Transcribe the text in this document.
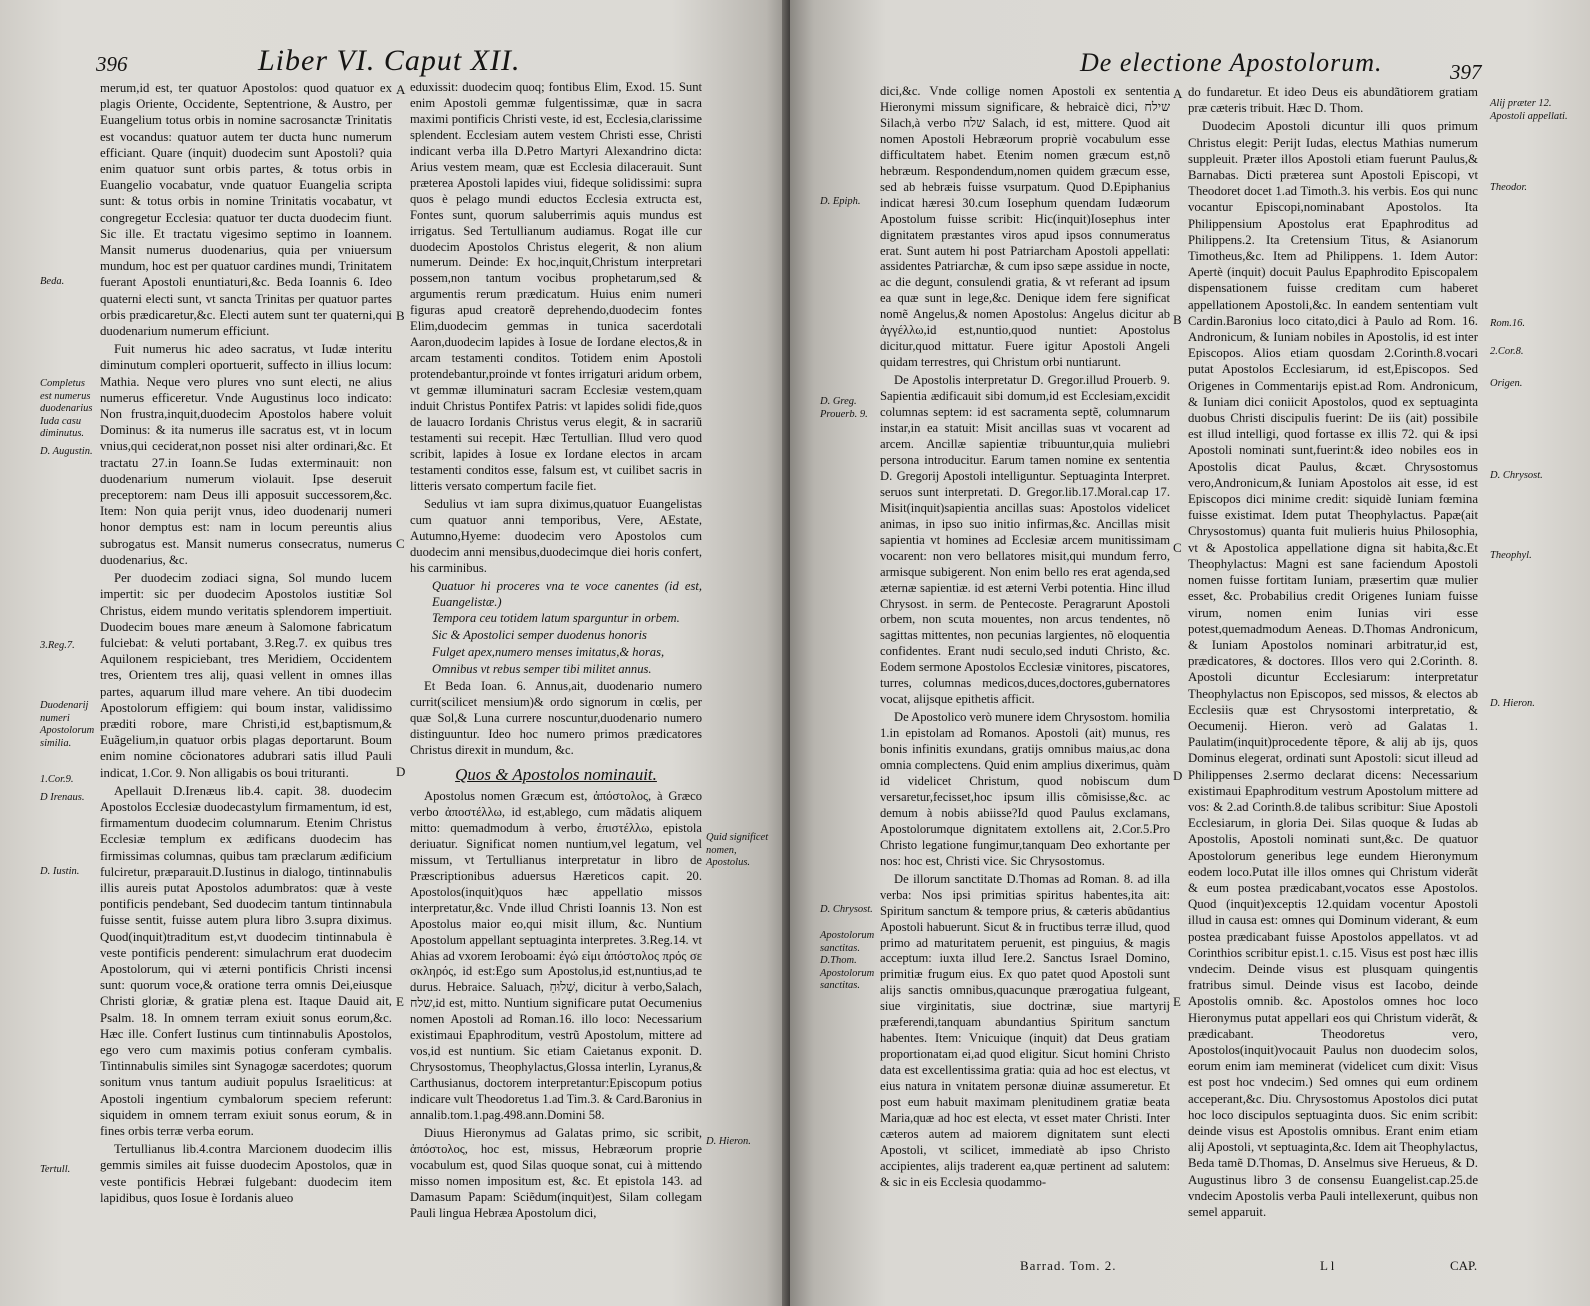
396	Liber VI. Caput XII.

merum,id est, ter quatuor Apostolos: quod quatuor ex plagis Oriente, Occidente, Septentrione, & Austro, per Euangelium totus orbis in nomine sacrosanctæ Trinitatis est vocandus: quatuor autem ter ducta hunc numerum efficiant. Quare (inquit) duodecim sunt Apostoli? quia enim quatuor sunt orbis partes, & totus orbis in Euangelio vocabatur, vnde quatuor Euangelia scripta sunt: & totus orbis in nomine Trinitatis vocabatur, vt congregetur Ecclesia: quatuor ter ducta duodecim fiunt. Sic ille. Et tractatu vigesimo septimo in Ioannem. Mansit numerus duodenarius, quia per vniuersum mundum, hoc est per quatuor cardines mundi, Trinitatem fuerant Apostoli enuntiaturi,&c. Beda Ioannis 6. Ideo quaterni electi sunt, vt sancta Trinitas per quatuor partes orbis prædicaretur,&c. Electi autem sunt ter quaterni,qui duodenarium numerum efficiunt.

Fuit numerus hic adeo sacratus, vt Iudæ interitu diminutum compleri oportuerit, suffecto in illius locum: Mathia. Neque vero plures vno sunt electi, ne alius numerus efficeretur. Vnde Augustinus loco indicato: Non frustra,inquit,duodecim Apostolos habere voluit Dominus: & ita numerus ille sacratus est, vt in locum vnius,qui ceciderat,non posset nisi alter ordinari,&c. Et tractatu 27.in Ioann.Se Iudas exterminauit: non duodenarium numerum violauit. Ipse deseruit preceptorem: nam Deus illi apposuit successorem,&c. Item: Non quia perijt vnus, ideo duodenarij numeri honor demptus est: nam in locum pereuntis alius subrogatus est. Mansit numerus consecratus, numerus duodenarius, &c.

Per duodecim zodiaci signa, Sol mundo lucem impertit: sic per duodecim Apostolos iustitiæ Sol Christus, eidem mundo veritatis splendorem impertiuit. Duodecim boues mare æneum à Salomone fabricatum fulciebat: & veluti portabant, 3.Reg.7. ex quibus tres Aquilonem respiciebant, tres Meridiem, Occidentem tres, Orientem tres alij, quasi vellent in omnes illas partes, aquarum illud mare vehere. An tibi duodecim Apostolorum effigiem: qui boum instar, validissimo præditi robore, mare Christi,id est,baptismum,& Euãgelium,in quatuor orbis plagas deportarunt. Boum enim nomine cõcionatores adubrari satis illud Pauli indicat, 1.Cor. 9. Non alligabis os boui trituranti.

Apellauit D.Irenæus lib.4. capit. 38. duodecim Apostolos Ecclesiæ duodecastylum firmamentum, id est, firmamentum duodecim columnarum. Etenim Christus Ecclesiæ templum ex ædificans duodecim has firmissimas columnas, quibus tam præclarum ædificium fulciretur, præparauit.D.Iustinus in dialogo, tintinnabulis illis aureis putat Apostolos adumbratos: quæ à veste pontificis pendebant, Sed duodecim tantum tintinnabula fuisse sentit, fuisse autem plura libro 3.supra diximus. Quod(inquit)traditum est,vt duodecim tintinnabula è veste pontificis penderent: simulachrum erat duodecim Apostolorum, qui vi æterni pontificis Christi incensi sunt: quorum voce,& oratione terra omnis Dei,eiusque Christi gloriæ, & gratiæ plena est. Itaque Dauid ait, Psalm. 18. In omnem terram exiuit sonus eorum,&c. Hæc ille. Confert Iustinus cum tintinnabulis Apostolos, ego vero cum maximis potius conferam cymbalis. Tintinnabulis similes sint Synagogæ sacerdotes; quorum sonitum vnus tantum audiuit populus Israeliticus: at Apostoli ingentium cymbalorum speciem referunt: siquidem in omnem terram exiuit sonus eorum, & in fines orbis terræ verba eorum.

Tertullianus lib.4.contra Marcionem duodecim illis gemmis similes ait fuisse duodecim Apostolos, quæ in veste pontificis Hebræi fulgebant: duodecim item lapidibus, quos Iosue è Iordanis alueo

eduxissit: duodecim quoq; fontibus Elim, Exod. 15. Sunt enim Apostoli gemmæ fulgentissimæ, quæ in sacra maximi pontificis Christi veste, id est, Ecclesia,clarissime splendent. Ecclesiam autem vestem Christi esse, Christi indicant verba illa D.Petro Martyri Alexandrino dicta: Arius vestem meam, quæ est Ecclesia dilacerauit. Sunt præterea Apostoli lapides viui, fideque solidissimi: supra quos è pelago mundi eductos Ecclesia extructa est, Fontes sunt, quorum saluberrimis aquis mundus est irrigatus. Sed Tertullianum audiamus. Rogat ille cur duodecim Apostolos Christus elegerit, & non alium numerum. Deinde: Ex hoc,inquit,Christum interpretari possem,non tantum vocibus prophetarum,sed & argumentis rerum prædicatum. Huius enim numeri figuras apud creatorẽ deprehendo,duodecim fontes Elim,duodecim gemmas in tunica sacerdotali Aaron,duodecim lapides à Iosue de Iordane electos,& in arcam testamenti conditos. Totidem enim Apostoli protendebantur,proinde vt fontes irrigaturi aridum orbem, vt gemmæ illuminaturi sacram Ecclesiæ vestem,quam induit Christus Pontifex Patris: vt lapides solidi fide,quos de lauacro Iordanis Christus verus elegit, & in sacrariũ testamenti sui recepit. Hæc Tertullian. Illud vero quod scribit, lapides à Iosue ex Iordane electos in arcam testamenti conditos esse, falsum est, vt cuilibet sacris in litteris versato compertum facile fiet.

Sedulius vt iam supra diximus,quatuor Euangelistas cum quatuor anni temporibus, Vere, AEstate, Autumno,Hyeme: duodecim vero Apostolos cum duodecim anni mensibus,duodecimque diei horis confert, his carminibus.

Quatuor hi proceres vna te voce canentes (id est, Euangelistæ.)

Tempora ceu totidem latum sparguntur in orbem.

Sic & Apostolici semper duodenus honoris

Fulget apex,numero menses imitatus,& horas,

Omnibus vt rebus semper tibi militet annus.

Et Beda Ioan. 6. Annus,ait, duodenario numero currit(scilicet mensium)& ordo signorum in cœlis, per quæ Sol,& Luna currere noscuntur,duodenario numero distinguuntur. Ideo hoc numero primos prædicatores Christus direxit in mundum, &c.

Quos & Apostolos nominauit.

Apostolus nomen Græcum est, ἀπόστολος, à Græco verbo ἀποστέλλω, id est,ablego, cum mãdatis aliquem mitto: quemadmodum à verbo, ἐπιστέλλω, epistola deriuatur. Significat nomen nuntium,vel legatum, vel missum, vt Tertullianus interpretatur in libro de Præscriptionibus aduersus Hæreticos capit. 20. Apostolos(inquit)quos hæc appellatio missos interpretatur,&c. Vnde illud Christi Ioannis 13. Non est Apostolus maior eo,qui misit illum, &c. Nuntium Apostolum appellant septuaginta interpretes. 3.Reg.14. vt Ahias ad vxorem Ieroboami: ἐγώ εἰμι ἀπόστολος πρός σε σκληρός, id est:Ego sum Apostolus,id est,nuntius,ad te durus. Hebraice. Saluach, שָׁלוּחַ, dicitur à verbo,Salach, שלח,id est, mitto. Nuntium significare putat Oecumenius nomen Apostoli ad Roman.16. illo loco: Necessarium existimaui Epaphroditum, vestrũ Apostolum, mittere ad vos,id est nuntium. Sic etiam Caietanus exponit. D. Chrysostomus, Theophylactus,Glossa interlin, Lyranus,& Carthusianus, doctorem interpretantur:Episcopum potius indicare vult Theodoretus 1.ad Tim.3. & Card.Baronius in annalib.tom.1.pag.498.ann.Domini 58.

Diuus Hieronymus ad Galatas primo, sic scribit, ἀπόστολος, hoc est, missus, Hebræorum proprie vocabulum est, quod Silas quoque sonat, cui à mittendo misso nomen impositum est, &c. Et epistola 143. ad Damasum Papam: Sciẽdum(inquit)est, Silam collegam Pauli lingua Hebræa Apostolum dici,

Beda.
Completus est numerus duodenarius Iuda casu diminutus.
D. Augustin.
3.Reg.7.
Duodenarij numeri Apostolorum similia.
1.Cor.9.
D Irenaus.
D. Iustin.
Tertull.
Quid significet nomen, Apostolus.
D. Hieron.
A
B
C
D
E
De electione Apostolorum.	397

dici,&c. Vnde collige nomen Apostoli ex sententia Hieronymi missum significare, & hebraicè dici, שילח Silach,à verbo שלח Salach, id est, mittere. Quod ait nomen Apostoli Hebræorum propriè vocabulum esse difficultatem habet. Etenim nomen græcum est,nõ hebræum. Respondendum,nomen quidem græcum esse, sed ab hebræis fuisse vsurpatum. Quod D.Epiphanius indicat hæresi 30.cum Iosephum quendam Iudæorum Apostolum fuisse scribit: Hic(inquit)Iosephus inter dignitatem præstantes viros apud ipsos connumeratus erat. Sunt autem hi post Patriarcham Apostoli appellati: assidentes Patriarchæ, & cum ipso sæpe assidue in nocte, ac die degunt, consulendi gratia, & vt referant ad ipsum ea quæ sunt in lege,&c. Denique idem fere significat nomẽ Angelus,& nomen Apostolus: Angelus dicitur ab ἀγγέλλω,id est,nuntio,quod nuntiet: Apostolus dicitur,quod mittatur. Fuere igitur Apostoli Angeli quidam terrestres, qui Christum orbi nuntiarunt.

De Apostolis interpretatur D. Gregor.illud Prouerb. 9. Sapientia ædificauit sibi domum,id est Ecclesiam,excidit columnas septem: id est sacramenta septẽ, columnarum instar,in ea statuit: Misit ancillas suas vt vocarent ad arcem. Ancillæ sapientiæ tribuuntur,quia muliebri persona introducitur. Earum tamen nomine ex sententia D. Gregorij Apostoli intelliguntur. Septuaginta Interpret. seruos sunt interpretati. D. Gregor.lib.17.Moral.cap 17. Misit(inquit)sapientia ancillas suas: Apostolos videlicet animas, in ipso suo initio infirmas,&c. Ancillas misit sapientia vt homines ad Ecclesiæ arcem munitissimam vocarent: non vero bellatores misit,qui mundum ferro, armisque subigerent. Non enim bello res erat agenda,sed æternæ sapientiæ. id est æterni Verbi potentia. Hinc illud Chrysost. in serm. de Pentecoste. Peragrarunt Apostoli orbem, non scuta mouentes, non arcus tendentes, nõ sagittas mittentes, non pecunias largientes, nõ eloquentia confidentes. Erant nudi seculo,sed induti Christo, &c. Eodem sermone Apostolos Ecclesiæ vinitores, piscatores, turres, columnas medicos,duces,doctores,gubernatores vocat, alijsque epithetis afficit.

De Apostolico verò munere idem Chrysostom. homilia 1.in epistolam ad Romanos. Apostoli (ait) munus, res bonis infinitis exundans, gratijs omnibus maius,ac dona omnia complectens. Quid enim amplius dixerimus, quàm id videlicet Christum, quod nobiscum dum versaretur,fecisset,hoc ipsum illis cõmisisse,&c. ac demum à nobis abiisse?Id quod Paulus exclamans, Apostolorumque dignitatem extollens ait, 2.Cor.5.Pro Christo legatione fungimur,tanquam Deo exhortante per nos: hoc est, Christi vice. Sic Chrysostomus.

De illorum sanctitate D.Thomas ad Roman. 8. ad illa verba: Nos ipsi primitias spiritus habentes,ita ait: Spiritum sanctum & tempore prius, & cæteris abũdantius Apostoli habuerunt. Sicut & in fructibus terræ illud, quod primo ad maturitatem peruenit, est pinguius, & magis acceptum: iuxta illud Iere.2. Sanctus Israel Domino, primitiæ frugum eius. Ex quo patet quod Apostoli sunt alijs sanctis omnibus,quacunque prærogatiua fulgeant, siue virginitatis, siue doctrinæ, siue martyrij præferendi,tanquam abundantius Spiritum sanctum habentes. Item: Vnicuique (inquit) dat Deus gratiam proportionatam ei,ad quod eligitur. Sicut homini Christo data est excellentissima gratia: quia ad hoc est electus, vt eius natura in vnitatem personæ diuinæ assumeretur. Et post eum habuit maximam plenitudinem gratiæ beata Maria,quæ ad hoc est electa, vt esset mater Christi. Inter cæteros autem ad maiorem dignitatem sunt electi Apostoli, vt scilicet, immediatè ab ipso Christo accipientes, alijs traderent ea,quæ pertinent ad salutem: & sic in eis Ecclesia quodammo-

do fundaretur. Et ideo Deus eis abundãtiorem gratiam præ cæteris tribuit. Hæc D. Thom.

Duodecim Apostoli dicuntur illi quos primum Christus elegit: Perijt Iudas, electus Mathias numerum suppleuit. Præter illos Apostoli etiam fuerunt Paulus,& Barnabas. Dicti præterea sunt Apostoli Episcopi, vt Theodoret docet 1.ad Timoth.3. his verbis. Eos qui nunc vocantur Episcopi,nominabant Apostolos. Ita Philippensium Apostolus erat Epaphroditus ad Philippens.2. Ita Cretensium Titus, & Asianorum Timotheus,&c. Item ad Philippens. 1. Idem Autor: Apertè (inquit) docuit Paulus Epaphrodito Episcopalem dispensationem fuisse creditam cum haberet appellationem Apostoli,&c. In eandem sententiam vult Cardin.Baronius loco citato,dici à Paulo ad Rom. 16. Andronicum, & Iuniam nobiles in Apostolis, id est inter Episcopos. Alios etiam quosdam 2.Corinth.8.vocari putat Apostolos Ecclesiarum, id est,Episcopos. Sed Origenes in Commentarijs epist.ad Rom. Andronicum, & Iuniam dici coniicit Apostolos, quod ex septuaginta duobus Christi discipulis fuerint: De iis (ait) possibile est illud intelligi, quod fortasse ex illis 72. qui & ipsi Apostoli nominati sunt,fuerint:& ideo nobiles eos in Apostolis dicat Paulus, &cæt. Chrysostomus vero,Andronicum,& Iuniam Apostolos ait esse, id est Episcopos dici minime credit: siquidè Iuniam fœmina fuisse existimat. Idem putat Theophylactus. Papæ(ait Chrysostomus) quanta fuit mulieris huius Philosophia, vt & Apostolica appellatione digna sit habita,&c.Et Theophylactus: Magni est sane faciendum Apostoli nomen fuisse fortitam Iuniam, præsertim quæ mulier esset, &c. Probabilius credit Origenes Iuniam fuisse virum, nomen enim Iunias viri esse potest,quemadmodum Aeneas. D.Thomas Andronicum, & Iuniam Apostolos nominari arbitratur,id est, prædicatores, & doctores. Illos vero qui 2.Corinth. 8. Apostoli dicuntur Ecclesiarum: interpretatur Theophylactus non Episcopos, sed missos, & electos ab Ecclesiis quæ est Chrysostomi interpretatio, & Oecumenij. Hieron. verò ad Galatas 1. Paulatim(inquit)procedente tẽpore, & alij ab ijs, quos Dominus elegerat, ordinati sunt Apostoli: sicut illeud ad Philippenses 2.sermo declarat dicens: Necessarium existimaui Epaphroditum vestrum Apostolum mittere ad vos: & 2.ad Corinth.8.de talibus scribitur: Siue Apostoli Ecclesiarum, in gloria Dei. Silas quoque & Iudas ab Apostolis, Apostoli nominati sunt,&c. De quatuor Apostolorum generibus lege eundem Hieronymum eodem loco.Putat ille illos omnes qui Christum viderãt & eum postea prædicabant,vocatos esse Apostolos. Quod (inquit)exceptis 12.quidam vocentur Apostoli illud in causa est: omnes qui Dominum viderant, & eum postea prædicabant fuisse Apostolos appellatos. vt ad Corinthios scribitur epist.1. c.15. Visus est post hæc illis vndecim. Deinde visus est plusquam quingentis fratribus simul. Deinde visus est Iacobo, deinde Apostolis omnib. &c. Apostolos omnes hoc loco Hieronymus putat appellari eos qui Christum viderãt, & prædicabant. Theodoretus vero, Apostolos(inquit)vocauit Paulus non duodecim solos, eorum enim iam meminerat (videlicet cum dixit: Visus est post hoc vndecim.) Sed omnes qui eum ordinem acceperant,&c. Diu. Chrysostomus Apostolos dici putat hoc loco discipulos septuaginta duos. Sic enim scribit: deinde visus est Apostolis omnibus. Erant enim etiam alij Apostoli, vt septuaginta,&c. Idem ait Theophylactus, Beda tamẽ D.Thomas, D. Anselmus sive Herueus, & D. Augustinus libro 3 de consensu Euangelist.cap.25.de vndecim Apostolis verba Pauli intellexerunt, quibus non semel apparuit.

Alij præter 12. Apostoli appellati.
Theodor.
D. Epiph.
Rom.16.
2.Cor.8.
Origen.
D. Greg. Prouerb. 9.
D. Chrysost.
Theophyl.
D. Hieron.
D. Chrysost.
Apostolorum sanctitas. D.Thom. Apostolorum sanctitas.
A
B
C
D
E
Barrad. Tom. 2.	L l	CAP.
